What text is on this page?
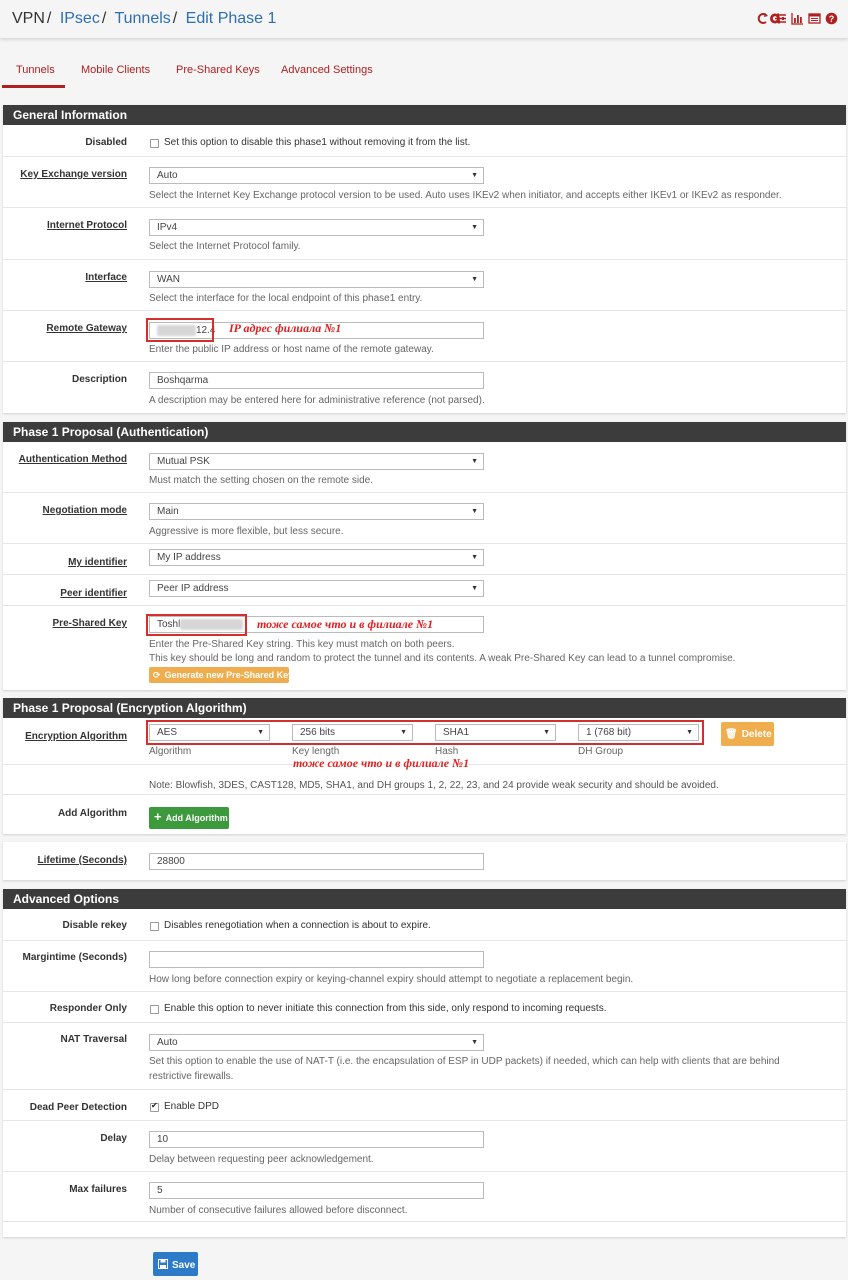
VPN / IPsec / Tunnels / Edit Phase 1	?
Tunnels Mobile Clients Pre-Shared Keys Advanced Settings
General Information
Disabled	Set this option to disable this phase1 without removing it from the list.
Key Exchange version	Auto	▼
Select the Internet Key Exchange protocol version to be used. Auto uses IKEv2 when initiator, and accepts either IKEv1 or IKEv2 as responder.
Internet Protocol	IPv4	▼
Select the Internet Protocol family.
Interface	WAN	▼
Select the interface for the local endpoint of this phase1 entry.
Remote Gateway	12.4	IP адрес филиала №1
Enter the public IP address or host name of the remote gateway.
Description	Boshqarma
A description may be entered here for administrative reference (not parsed).
Phase 1 Proposal (Authentication)
Authentication Method	Mutual PSK	▼
Must match the setting chosen on the remote side.
Negotiation mode	Main	▼
Aggressive is more flexible, but less secure.
My identifier	My IP address	▼
Peer identifier	Peer IP address	▼
Pre-Shared Key	Toshl	тоже самое что и в филиале №1
Enter the Pre-Shared Key string. This key must match on both peers.
This key should be long and random to protect the tunnel and its contents. A weak Pre-Shared Key can lead to a tunnel compromise.
⟳ Generate new Pre-Shared Key
Phase 1 Proposal (Encryption Algorithm)
Encryption Algorithm	AES	▼	256 bits	▼	SHA1	▼	1 (768 bit)	▼
Algorithm	Key length	Hash	DH Group
🗑 Delete
тоже самое что и в филиале №1
Note: Blowfish, 3DES, CAST128, MD5, SHA1, and DH groups 1, 2, 22, 23, and 24 provide weak security and should be avoided.
Add Algorithm	+ Add Algorithm
Lifetime (Seconds)	28800
Advanced Options
Disable rekey	Disables renegotiation when a connection is about to expire.
Margintime (Seconds)
How long before connection expiry or keying-channel expiry should attempt to negotiate a replacement begin.
Responder Only	Enable this option to never initiate this connection from this side, only respond to incoming requests.
NAT Traversal	Auto	▼
Set this option to enable the use of NAT-T (i.e. the encapsulation of ESP in UDP packets) if needed, which can help with clients that are behind
restrictive firewalls.
Dead Peer Detection ✔	Enable DPD
Delay	10
Delay between requesting peer acknowledgement.
Max failures	5
Number of consecutive failures allowed before disconnect.
Save
